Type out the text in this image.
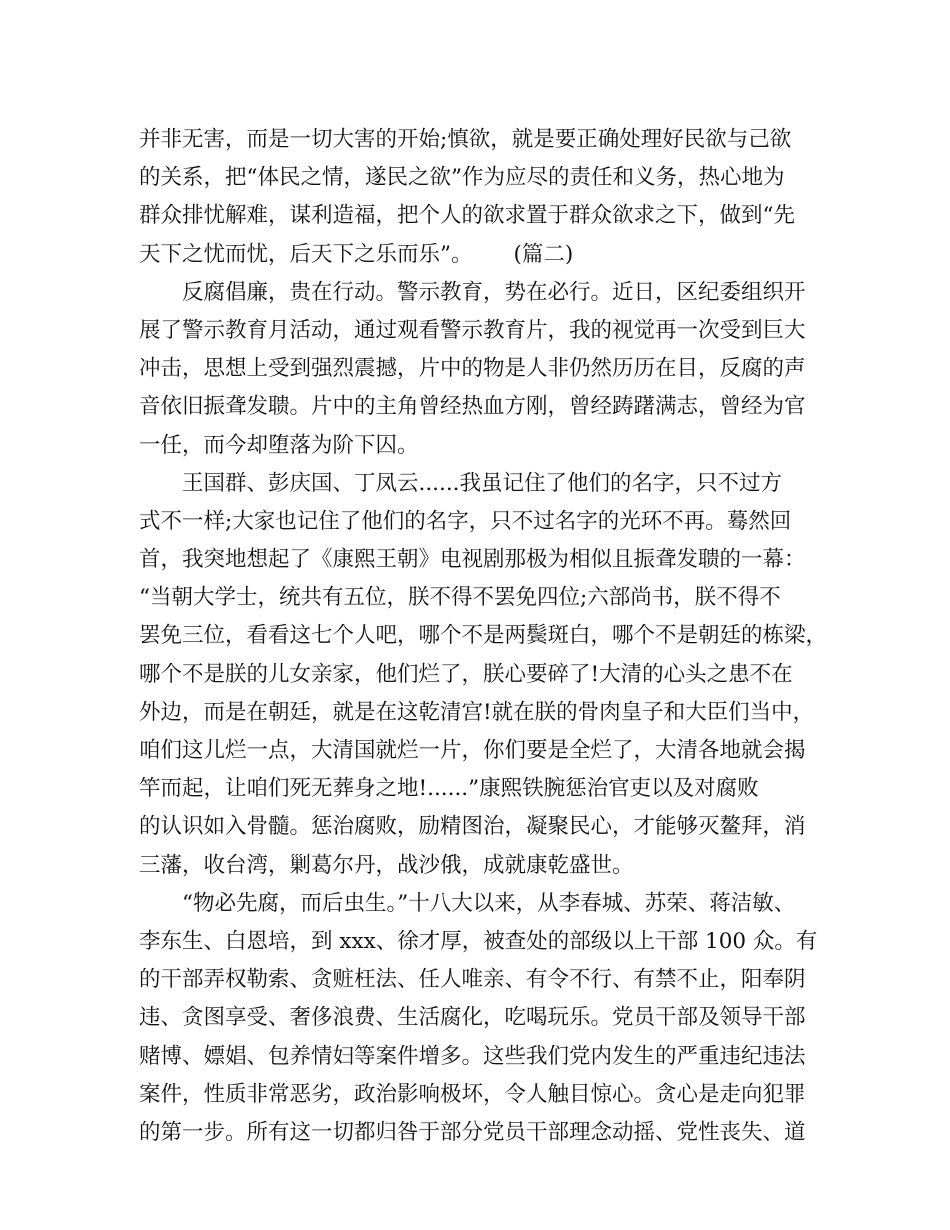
并非无害，而是一切大害的开始;慎欲，就是要正确处理好民欲与己欲
的关系，把“体民之情，遂民之欲”作为应尽的责任和义务，热心地为
群众排忧解难，谋利造福，把个人的欲求置于群众欲求之下，做到“先
天下之忧而忧，后天下之乐而乐”。      (篇二)
反腐倡廉，贵在行动。警示教育，势在必行。近日，区纪委组织开
展了警示教育月活动，通过观看警示教育片，我的视觉再一次受到巨大
冲击，思想上受到强烈震撼，片中的物是人非仍然历历在目，反腐的声
音依旧振聋发聩。片中的主角曾经热血方刚，曾经踌躇满志，曾经为官
一任，而今却堕落为阶下囚。
王国群、彭庆国、丁凤云......我虽记住了他们的名字，只不过方
式不一样;大家也记住了他们的名字，只不过名字的光环不再。蓦然回
首，我突地想起了《康熙王朝》电视剧那极为相似且振聋发聩的一幕：
“当朝大学士，统共有五位，朕不得不罢免四位;六部尚书，朕不得不
罢免三位，看看这七个人吧，哪个不是两鬓斑白，哪个不是朝廷的栋梁，
哪个不是朕的儿女亲家，他们烂了，朕心要碎了!大清的心头之患不在
外边，而是在朝廷，就是在这乾清宫!就在朕的骨肉皇子和大臣们当中，
咱们这儿烂一点，大清国就烂一片，你们要是全烂了，大清各地就会揭
竿而起，让咱们死无葬身之地!......”康熙铁腕惩治官吏以及对腐败
的认识如入骨髓。惩治腐败，励精图治，凝聚民心，才能够灭鳌拜，消
三藩，收台湾，剿葛尔丹，战沙俄，成就康乾盛世。
“物必先腐，而后虫生。”十八大以来，从李春城、苏荣、蒋洁敏、
李东生、白恩培，到 xxx、徐才厚，被查处的部级以上干部 100 众。有
的干部弄权勒索、贪赃枉法、任人唯亲、有令不行、有禁不止，阳奉阴
违、贪图享受、奢侈浪费、生活腐化，吃喝玩乐。党员干部及领导干部
赌博、嫖娼、包养情妇等案件增多。这些我们党内发生的严重违纪违法
案件，性质非常恶劣，政治影响极坏，令人触目惊心。贪心是走向犯罪
的第一步。所有这一切都归咎于部分党员干部理念动摇、党性丧失、道
